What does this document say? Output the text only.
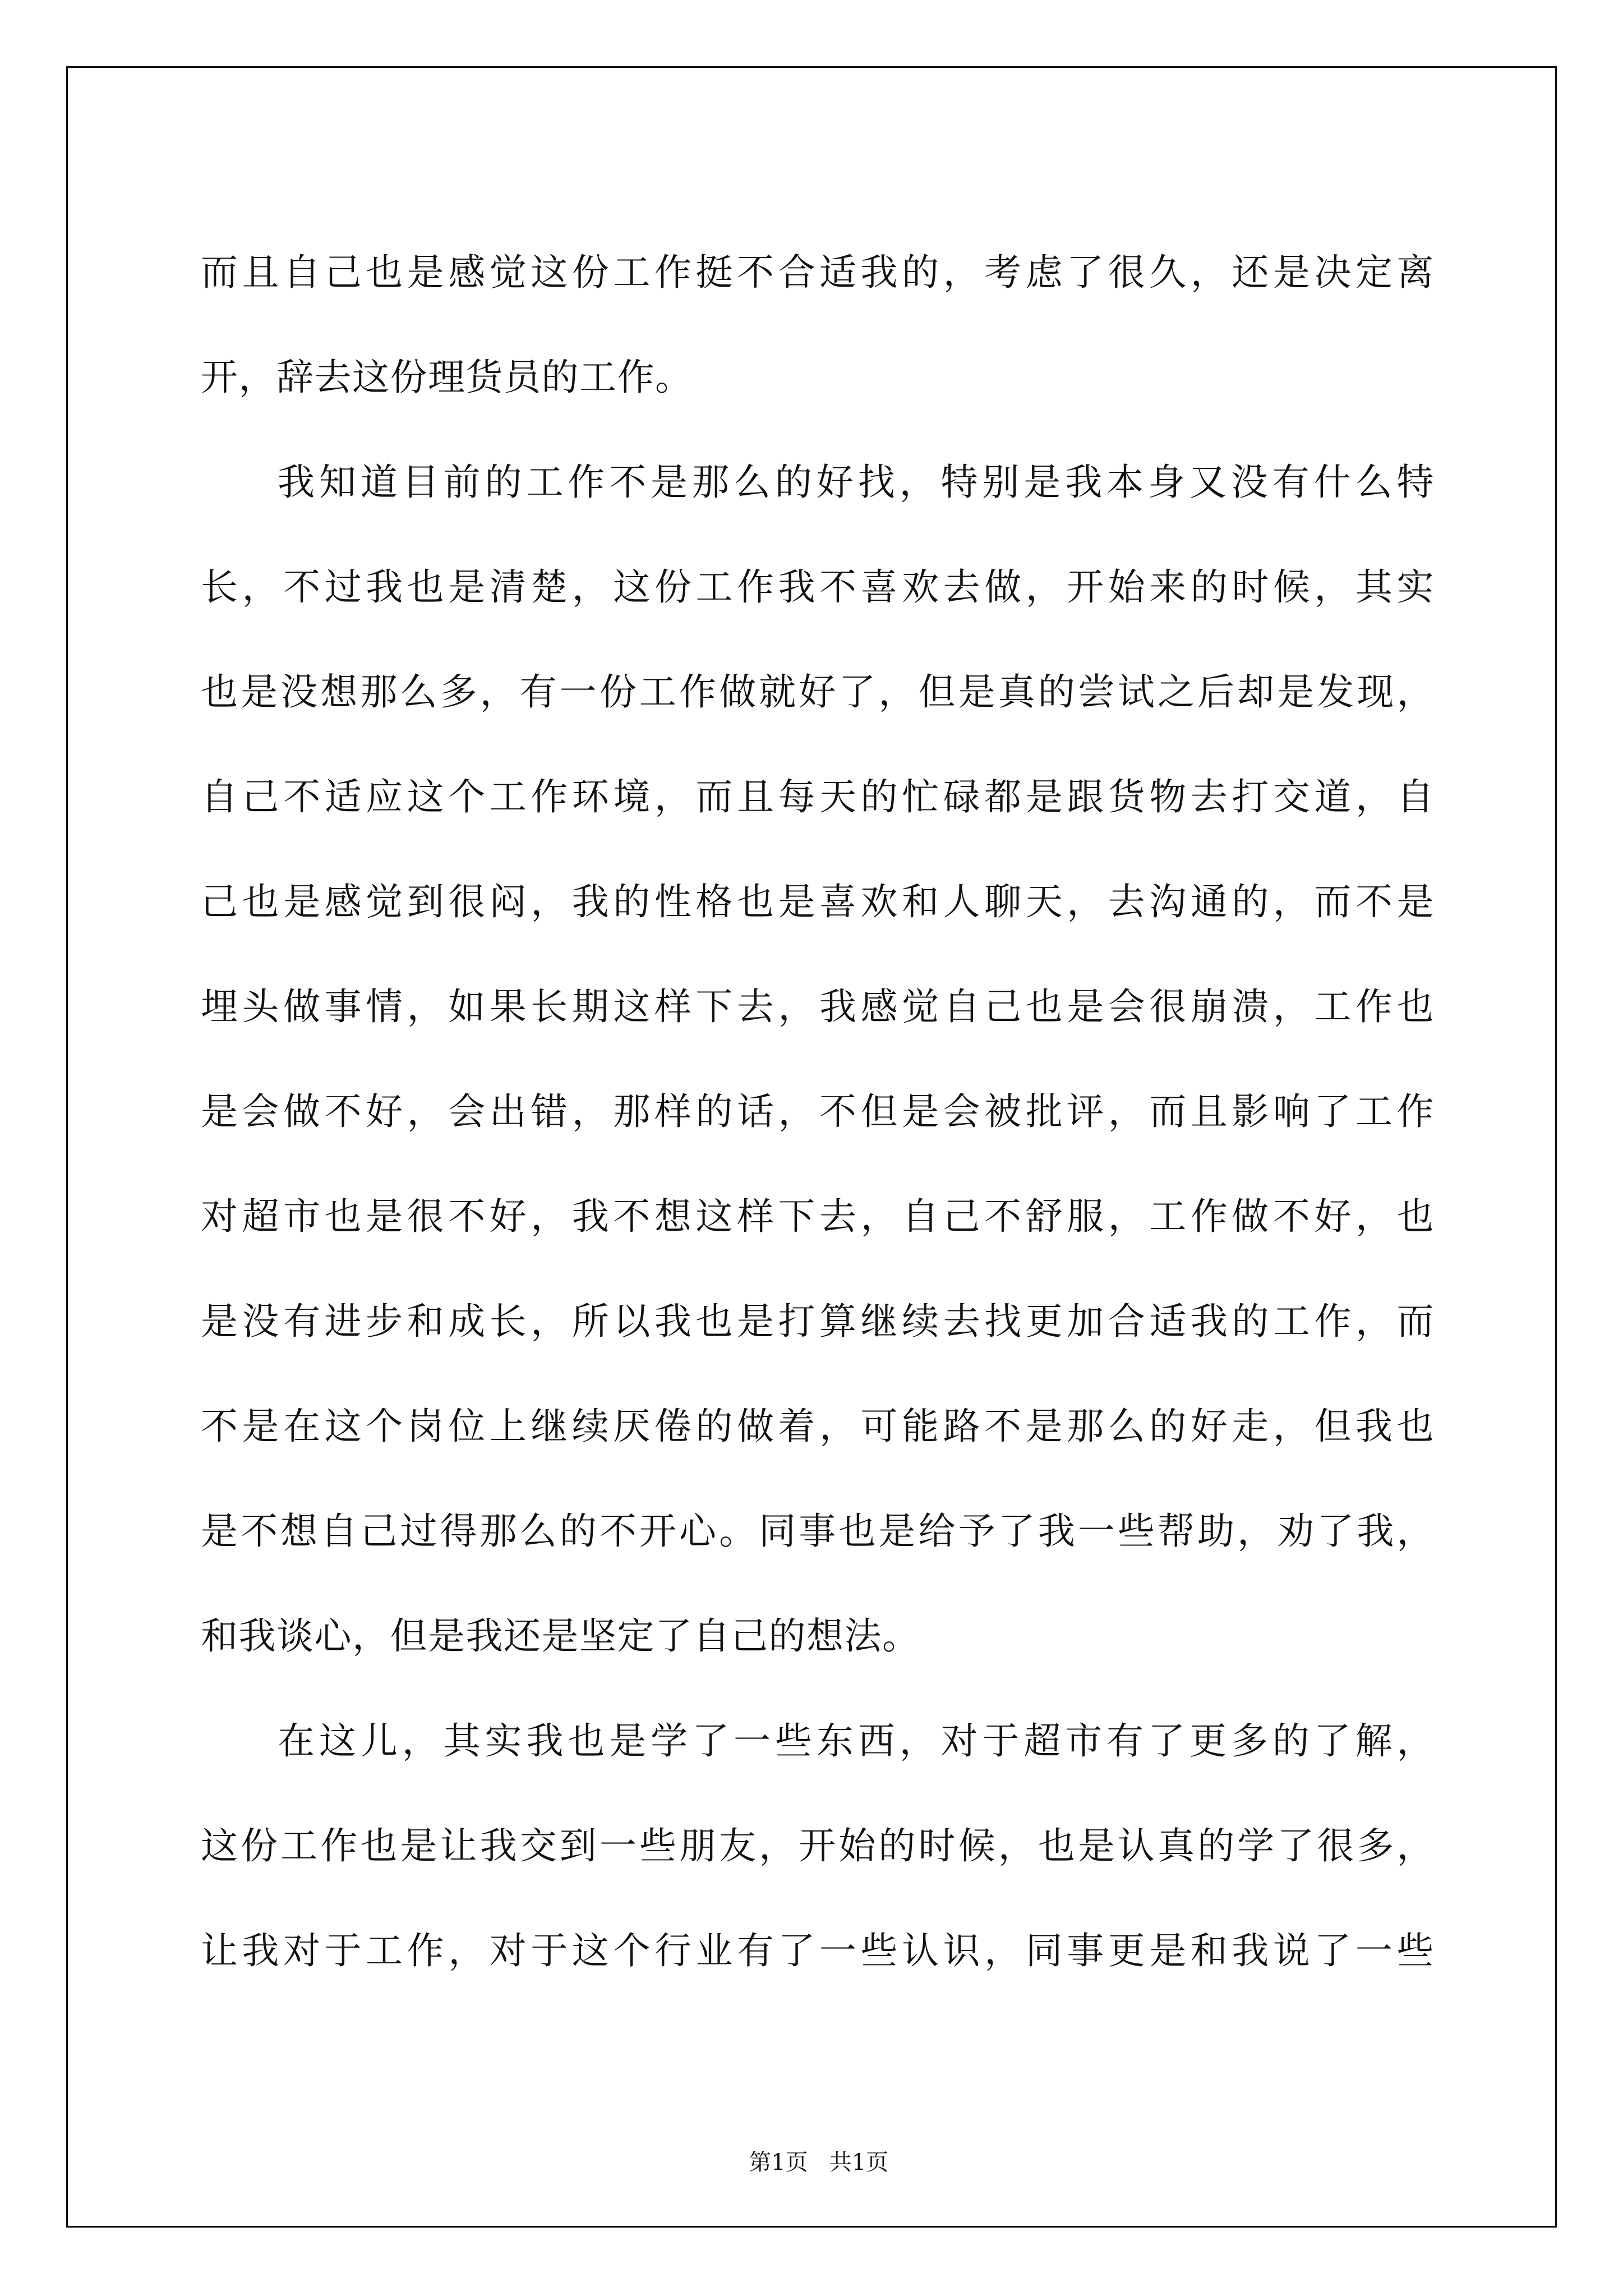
而且自己也是感觉这份工作挺不合适我的，考虑了很久，还是决定离
开，辞去这份理货员的工作。
我知道目前的工作不是那么的好找，特别是我本身又没有什么特
长，不过我也是清楚，这份工作我不喜欢去做，开始来的时候，其实
也是没想那么多，有一份工作做就好了，但是真的尝试之后却是发现，
自己不适应这个工作环境，而且每天的忙碌都是跟货物去打交道，自
己也是感觉到很闷，我的性格也是喜欢和人聊天，去沟通的，而不是
埋头做事情，如果长期这样下去，我感觉自己也是会很崩溃，工作也
是会做不好，会出错，那样的话，不但是会被批评，而且影响了工作
对超市也是很不好，我不想这样下去，自己不舒服，工作做不好，也
是没有进步和成长，所以我也是打算继续去找更加合适我的工作，而
不是在这个岗位上继续厌倦的做着，可能路不是那么的好走，但我也
是不想自己过得那么的不开心。同事也是给予了我一些帮助，劝了我，
和我谈心，但是我还是坚定了自己的想法。
在这儿，其实我也是学了一些东西，对于超市有了更多的了解，
这份工作也是让我交到一些朋友，开始的时候，也是认真的学了很多，
让我对于工作，对于这个行业有了一些认识，同事更是和我说了一些

第1页   共1页
